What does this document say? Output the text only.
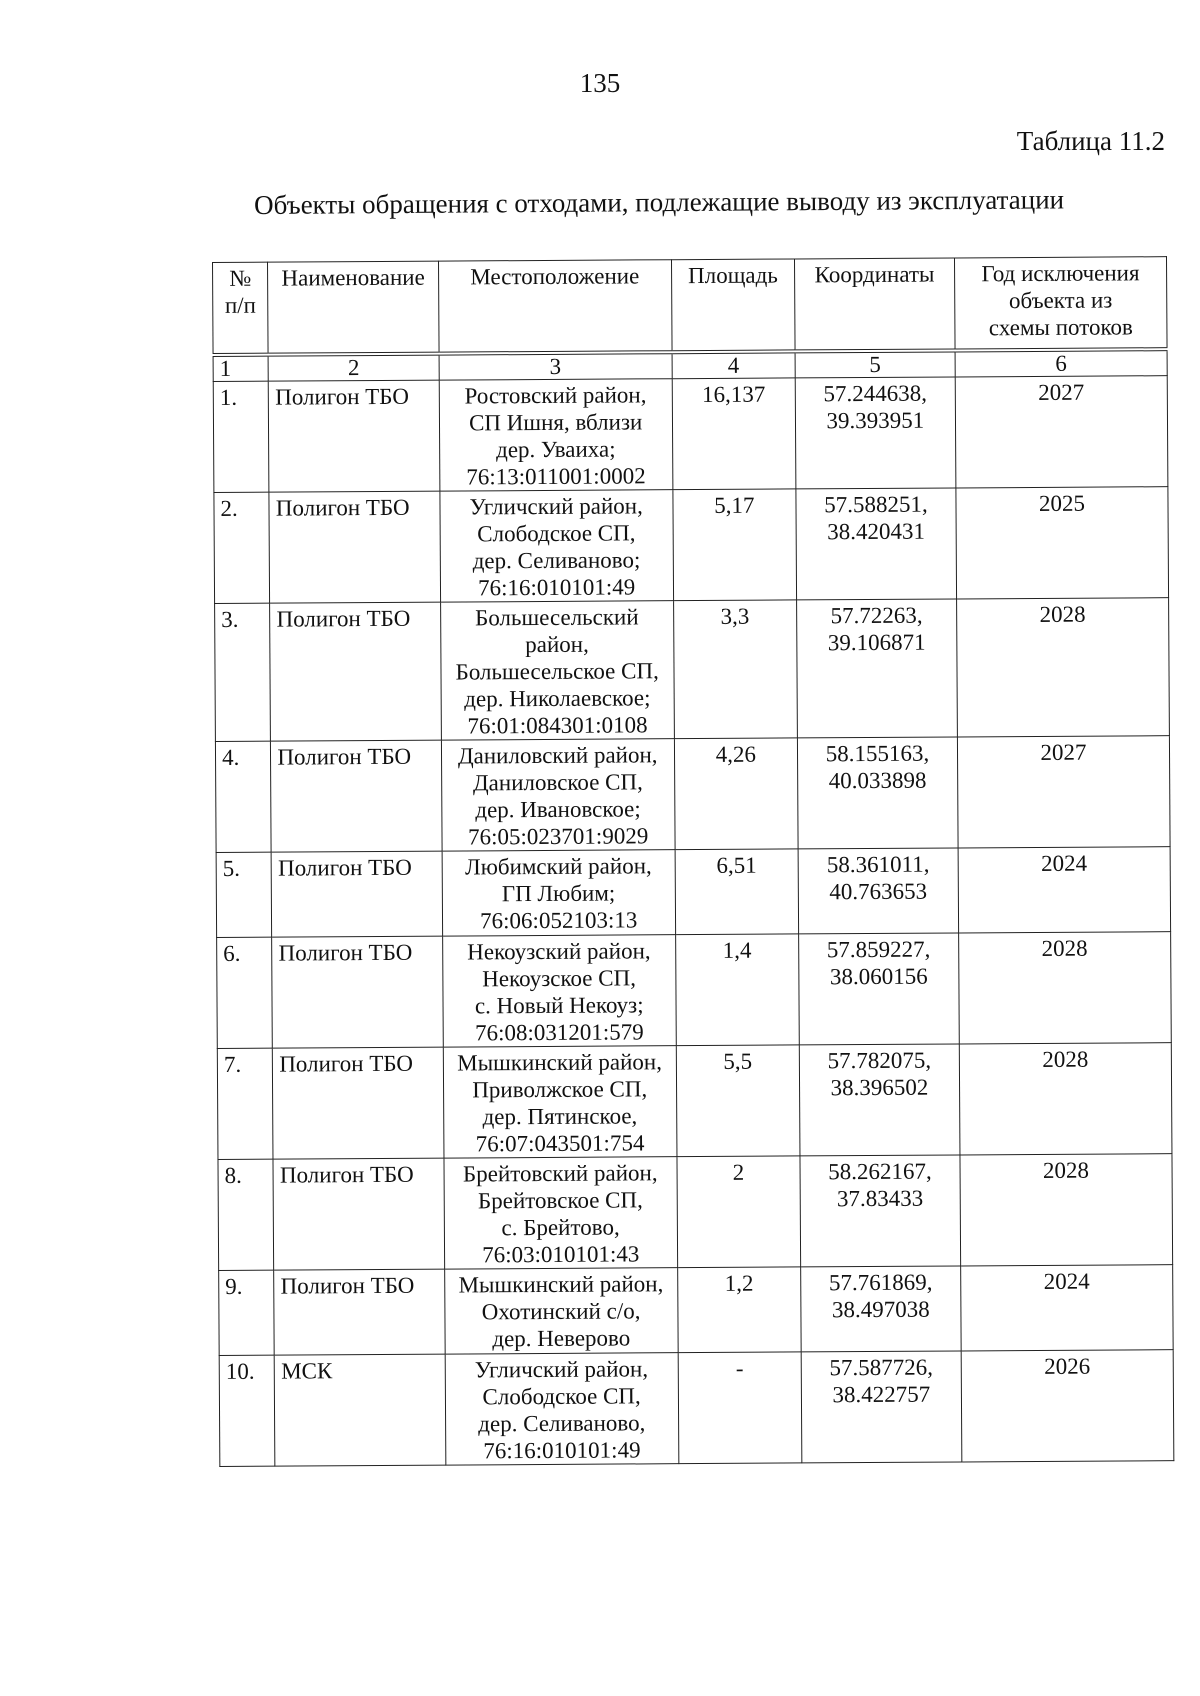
135
Таблица 11.2
Объекты обращения с отходами, подлежащие выводу из эксплуатации
№
п/п	Наименование	Местоположение	Площадь	Координаты	Год исключения
объекта из
схемы потоков

1	2	3	4	5	6

1.	Полигон ТБО	Ростовский район,
СП Ишня, вблизи
дер. Уваиха;
76:13:011001:0002	16,137	57.244638,
39.393951	2027

2.	Полигон ТБО	Угличский район,
Слободское СП,
дер. Селиваново;
76:16:010101:49	5,17	57.588251,
38.420431	2025

3.	Полигон ТБО	Большесельский
район,
Большесельское СП,
дер. Николаевское;
76:01:084301:0108	3,3	57.72263,
39.106871	2028

4.	Полигон ТБО	Даниловский район,
Даниловское СП,
дер. Ивановское;
76:05:023701:9029	4,26	58.155163,
40.033898	2027

5.	Полигон ТБО	Любимский район,
ГП Любим;
76:06:052103:13	6,51	58.361011,
40.763653	2024

6.	Полигон ТБО	Некоузский район,
Некоузское СП,
с. Новый Некоуз;
76:08:031201:579	1,4	57.859227,
38.060156	2028

7.	Полигон ТБО	Мышкинский район,
Приволжское СП,
дер. Пятинское,
76:07:043501:754	5,5	57.782075,
38.396502	2028

8.	Полигон ТБО	Брейтовский район,
Брейтовское СП,
с. Брейтово,
76:03:010101:43	2	58.262167,
37.83433	2028

9.	Полигон ТБО	Мышкинский район,
Охотинский с/о,
дер. Неверово	1,2	57.761869,
38.497038	2024

10.	МСК	Угличский район,
Слободское СП,
дер. Селиваново,
76:16:010101:49	-	57.587726,
38.422757	2026
